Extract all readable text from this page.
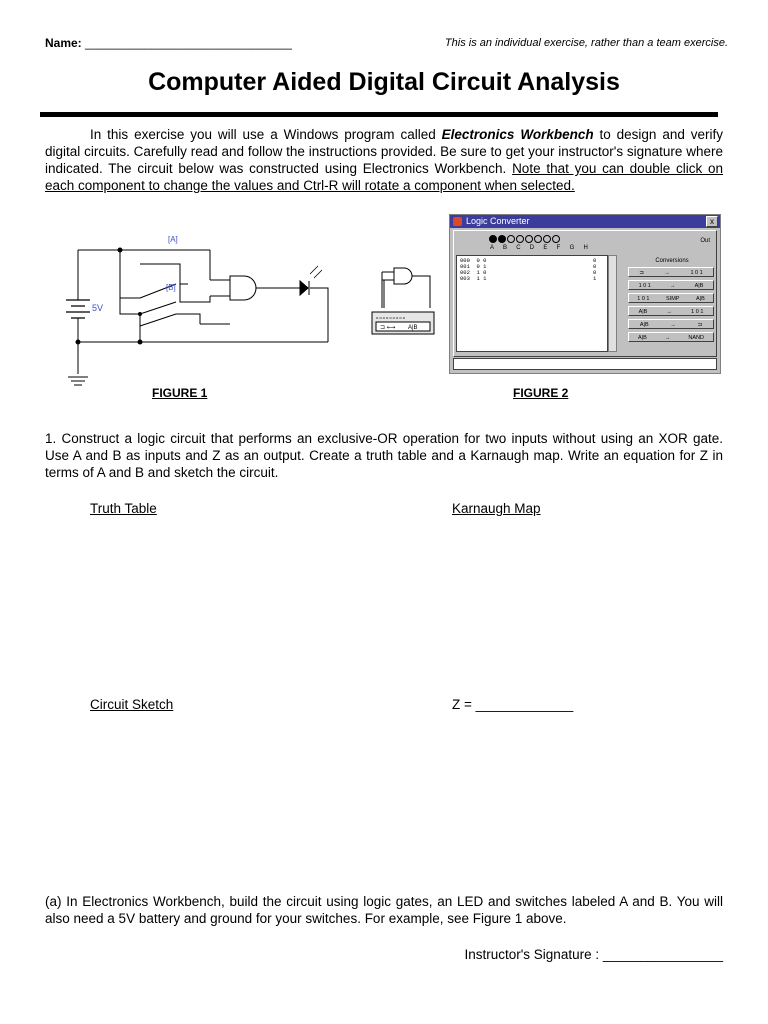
Name: _______________________________	This is an individual exercise, rather than a team exercise.
Computer Aided Digital Circuit Analysis
In this exercise you will use a Windows program called Electronics Workbench to design and verify digital circuits. Carefully read and follow the instructions provided. Be sure to get your instructor's signature where indicated. The circuit below was constructed using Electronics Workbench. Note that you can double click on each component to change the values and Ctrl-R will rotate a component when selected.
[A]
[B]
5V
FIGURE 1
o o o o o o o o o
⊐ ⟷ A|B
Logic Converter	x
A B C D E F G H
Out
000  0 0
001  0 1
002  1 0
003  1 1
0
0
0
1
Conversions
⊐	→	1 0 1
1 0 1	→	A|B
1 0 1	SIMP	A|B
A|B	→	1 0 1
A|B	→	⊐
A|B	→	NAND
FIGURE 2
1. Construct a logic circuit that performs an exclusive-OR operation for two inputs without using an XOR gate. Use A and B as inputs and Z as an output. Create a truth table and a Karnaugh map. Write an equation for Z in terms of A and B and sketch the circuit.
Truth Table	Karnaugh Map
Circuit Sketch	Z = _____________
(a) In Electronics Workbench, build the circuit using logic gates, an LED and switches labeled A and B. You will also need a 5V battery and ground for your switches. For example, see Figure 1 above.
Instructor's Signature : ________________
